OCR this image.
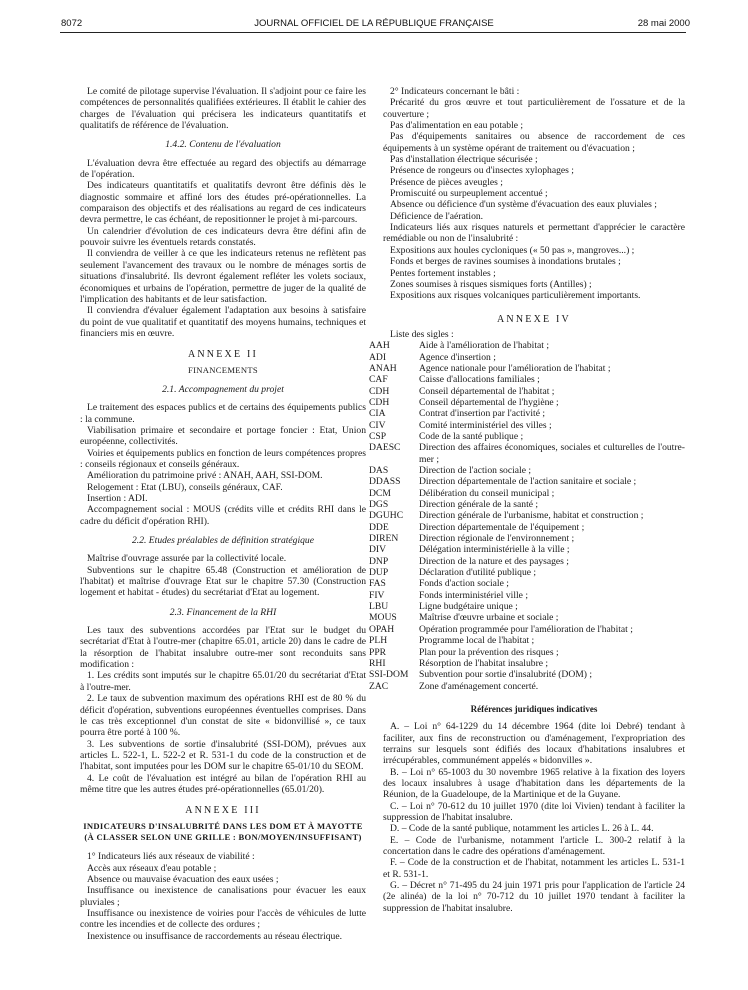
8072	JOURNAL OFFICIEL DE LA RÉPUBLIQUE FRANÇAISE	28 mai 2000

Le comité de pilotage supervise l'évaluation. Il s'adjoint pour ce faire les compétences de personnalités qualifiées extérieures. Il établit le cahier des charges de l'évaluation qui précisera les indicateurs quantitatifs et qualitatifs de référence de l'évaluation.

1.4.2. Contenu de l'évaluation

L'évaluation devra être effectuée au regard des objectifs au démarrage de l'opération.

Des indicateurs quantitatifs et qualitatifs devront être définis dès le diagnostic sommaire et affiné lors des études pré-opérationnelles. La comparaison des objectifs et des réalisations au regard de ces indicateurs devra permettre, le cas échéant, de repositionner le projet à mi-parcours.

Un calendrier d'évolution de ces indicateurs devra être défini afin de pouvoir suivre les éventuels retards constatés.

Il conviendra de veiller à ce que les indicateurs retenus ne reflètent pas seulement l'avancement des travaux ou le nombre de ménages sortis de situations d'insalubrité. Ils devront également refléter les volets sociaux, économiques et urbains de l'opération, permettre de juger de la qualité de l'implication des habitants et de leur satisfaction.

Il conviendra d'évaluer également l'adaptation aux besoins à satisfaire du point de vue qualitatif et quantitatif des moyens humains, techniques et financiers mis en œuvre.

ANNEXE II
FINANCEMENTS
2.1. Accompagnement du projet

Le traitement des espaces publics et de certains des équipements publics : la commune.

Viabilisation primaire et secondaire et portage foncier : Etat, Union européenne, collectivités.

Voiries et équipements publics en fonction de leurs compétences propres : conseils régionaux et conseils généraux.

Amélioration du patrimoine privé : ANAH, AAH, SSI-DOM.

Relogement : Etat (LBU), conseils généraux, CAF.

Insertion : ADI.

Accompagnement social : MOUS (crédits ville et crédits RHI dans le cadre du déficit d'opération RHI).

2.2. Etudes préalables de définition stratégique

Maîtrise d'ouvrage assurée par la collectivité locale.

Subventions sur le chapitre 65.48 (Construction et amélioration de l'habitat) et maîtrise d'ouvrage Etat sur le chapitre 57.30 (Construction logement et habitat - études) du secrétariat d'Etat au logement.

2.3. Financement de la RHI

Les taux des subventions accordées par l'Etat sur le budget du secrétariat d'Etat à l'outre-mer (chapitre 65.01, article 20) dans le cadre de la résorption de l'habitat insalubre outre-mer sont reconduits sans modification :

1. Les crédits sont imputés sur le chapitre 65.01/20 du secrétariat d'Etat à l'outre-mer.

2. Le taux de subvention maximum des opérations RHI est de 80 % du déficit d'opération, subventions européennes éventuelles comprises. Dans le cas très exceptionnel d'un constat de site « bidonvillisé », ce taux pourra être porté à 100 %.

3. Les subventions de sortie d'insalubrité (SSI-DOM), prévues aux articles L. 522-1, L. 522-2 et R. 531-1 du code de la construction et de l'habitat, sont imputées pour les DOM sur le chapitre 65-01/10 du SEOM.

4. Le coût de l'évaluation est intégré au bilan de l'opération RHI au même titre que les autres études pré-opérationnelles (65.01/20).

ANNEXE III
INDICATEURS D'INSALUBRITÉ DANS LES DOM ET À MAYOTTE (À CLASSER SELON UNE GRILLE : BON/MOYEN/INSUFFISANT)

1° Indicateurs liés aux réseaux de viabilité :

Accès aux réseaux d'eau potable ;

Absence ou mauvaise évacuation des eaux usées ;

Insuffisance ou inexistence de canalisations pour évacuer les eaux pluviales ;

Insuffisance ou inexistence de voiries pour l'accès de véhicules de lutte contre les incendies et de collecte des ordures ;

Inexistence ou insuffisance de raccordements au réseau électrique.

2° Indicateurs concernant le bâti :

Précarité du gros œuvre et tout particulièrement de l'ossature et de la couverture ;

Pas d'alimentation en eau potable ;

Pas d'équipements sanitaires ou absence de raccordement de ces équipements à un système opérant de traitement ou d'évacuation ;

Pas d'installation électrique sécurisée ;

Présence de rongeurs ou d'insectes xylophages ;

Présence de pièces aveugles ;

Promiscuité ou surpeuplement accentué ;

Absence ou déficience d'un système d'évacuation des eaux pluviales ;

Déficience de l'aération.

Indicateurs liés aux risques naturels et permettant d'apprécier le caractère remédiable ou non de l'insalubrité :

Expositions aux houles cycloniques (« 50 pas », mangroves...) ;

Fonds et berges de ravines soumises à inondations brutales ;

Pentes fortement instables ;

Zones soumises à risques sismiques forts (Antilles) ;

Expositions aux risques volcaniques particulièrement importants.

ANNEXE IV

Liste des sigles :

AAH	Aide à l'amélioration de l'habitat ;
ADI	Agence d'insertion ;
ANAH	Agence nationale pour l'amélioration de l'habitat ;
CAF	Caisse d'allocations familiales ;
CDH	Conseil départemental de l'habitat ;
CDH	Conseil départemental de l'hygiène ;
CIA	Contrat d'insertion par l'activité ;
CIV	Comité interministériel des villes ;
CSP	Code de la santé publique ;
DAESC	Direction des affaires économiques, sociales et culturelles de l'outre-mer ;
DAS	Direction de l'action sociale ;
DDASS	Direction départementale de l'action sanitaire et sociale ;
DCM	Délibération du conseil municipal ;
DGS	Direction générale de la santé ;
DGUHC	Direction générale de l'urbanisme, habitat et construction ;
DDE	Direction départementale de l'équipement ;
DIREN	Direction régionale de l'environnement ;
DIV	Délégation interministérielle à la ville ;
DNP	Direction de la nature et des paysages ;
DUP	Déclaration d'utilité publique ;
FAS	Fonds d'action sociale ;
FIV	Fonds interministériel ville ;
LBU	Ligne budgétaire unique ;
MOUS	Maîtrise d'œuvre urbaine et sociale ;
OPAH	Opération programmée pour l'amélioration de l'habitat ;
PLH	Programme local de l'habitat ;
PPR	Plan pour la prévention des risques ;
RHI	Résorption de l'habitat insalubre ;
SSI-DOM	Subvention pour sortie d'insalubrité (DOM) ;
ZAC	Zone d'aménagement concerté.
Références juridiques indicatives

A. – Loi n° 64-1229 du 14 décembre 1964 (dite loi Debré) tendant à faciliter, aux fins de reconstruction ou d'aménagement, l'expropriation des terrains sur lesquels sont édifiés des locaux d'habitations insalubres et irrécupérables, communément appelés « bidonvilles ».

B. – Loi n° 65-1003 du 30 novembre 1965 relative à la fixation des loyers des locaux insalubres à usage d'habitation dans les départements de la Réunion, de la Guadeloupe, de la Martinique et de la Guyane.

C. – Loi n° 70-612 du 10 juillet 1970 (dite loi Vivien) tendant à faciliter la suppression de l'habitat insalubre.

D. – Code de la santé publique, notamment les articles L. 26 à L. 44.

E. – Code de l'urbanisme, notamment l'article L. 300-2 relatif à la concertation dans le cadre des opérations d'aménagement.

F. – Code de la construction et de l'habitat, notamment les articles L. 531-1 et R. 531-1.

G. – Décret n° 71-495 du 24 juin 1971 pris pour l'application de l'article 24 (2e alinéa) de la loi n° 70-712 du 10 juillet 1970 tendant à faciliter la suppression de l'habitat insalubre.
